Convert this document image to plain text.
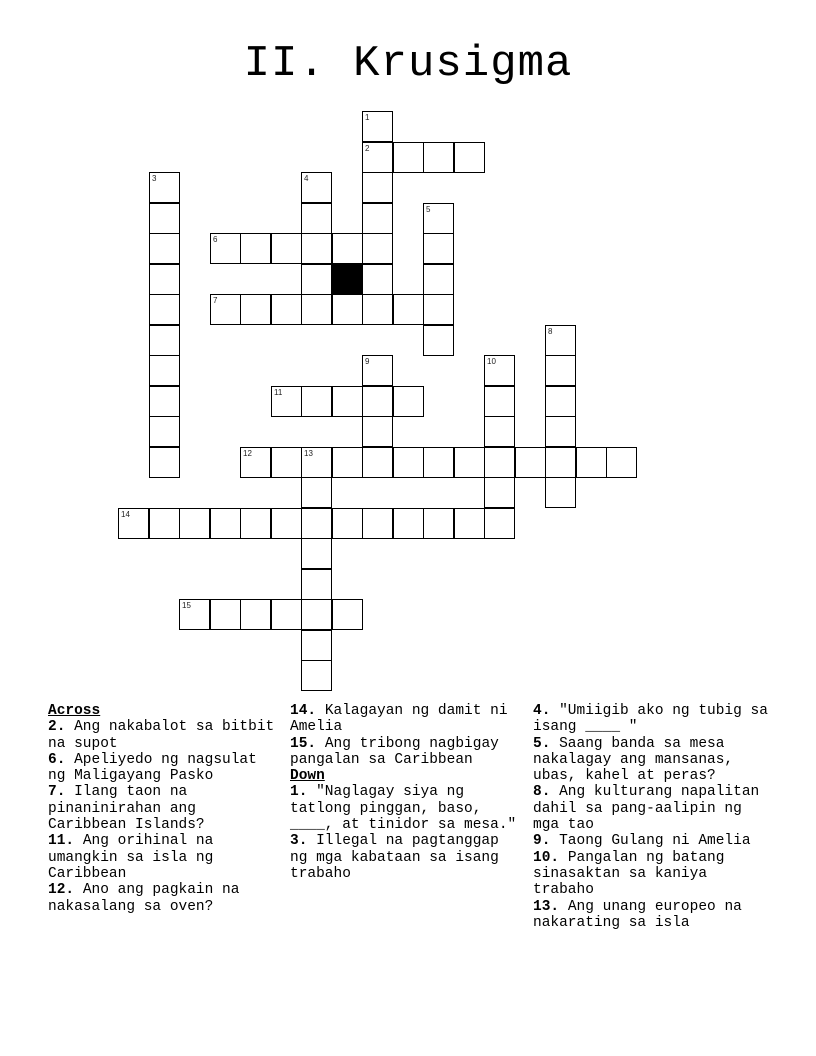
II. Krusigma
1
2
3	4
5
6
7
8
9	10
11
12	13
14
15
Across
2. Ang nakabalot sa bitbit na supot
6. Apeliyedo ng nagsulat ng Maligayang Pasko
7. Ilang taon na pinaninirahan ang Caribbean Islands?
11. Ang orihinal na umangkin sa isla ng Caribbean
12. Ano ang pagkain na nakasalang sa oven?
14. Kalagayan ng damit ni Amelia
15. Ang tribong nagbigay pangalan sa Caribbean
Down
1. "Naglagay siya ng tatlong pinggan, baso, ____, at tinidor sa mesa."
3. Illegal na pagtanggap ng mga kabataan sa isang trabaho
4. "Umiigib ako ng tubig sa isang ____ "
5. Saang banda sa mesa nakalagay ang mansanas, ubas, kahel at peras?
8. Ang kulturang napalitan dahil sa pang-aalipin ng mga tao
9. Taong Gulang ni Amelia
10. Pangalan ng batang sinasaktan sa kaniya trabaho
13. Ang unang europeo na nakarating sa isla
